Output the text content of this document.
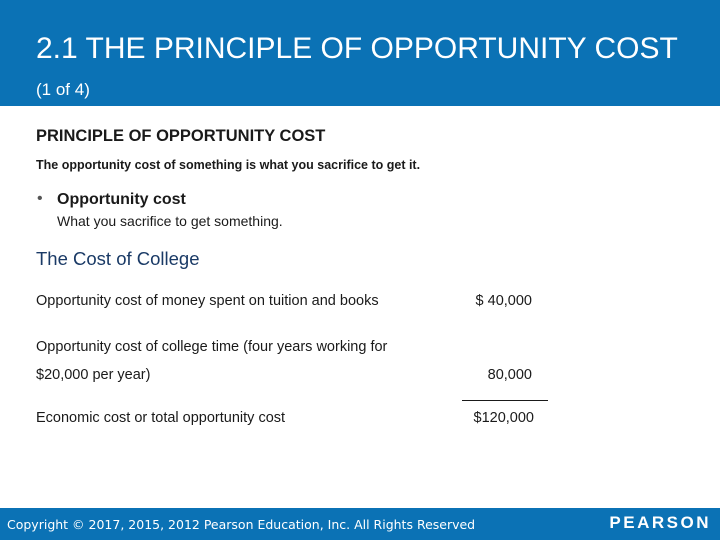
2.1 THE PRINCIPLE OF OPPORTUNITY COST (1 of 4)
PRINCIPLE OF OPPORTUNITY COST
The opportunity cost of something is what you sacrifice to get it.
• Opportunity cost
What you sacrifice to get something.
The Cost of College
Opportunity cost of money spent on tuition and books	$ 40,000
Opportunity cost of college time (four years working for
$20,000 per year)	80,000
Economic cost or total opportunity cost	$120,000
Copyright © 2017, 2015, 2012 Pearson Education, Inc. All Rights Reserved	PEARSON
